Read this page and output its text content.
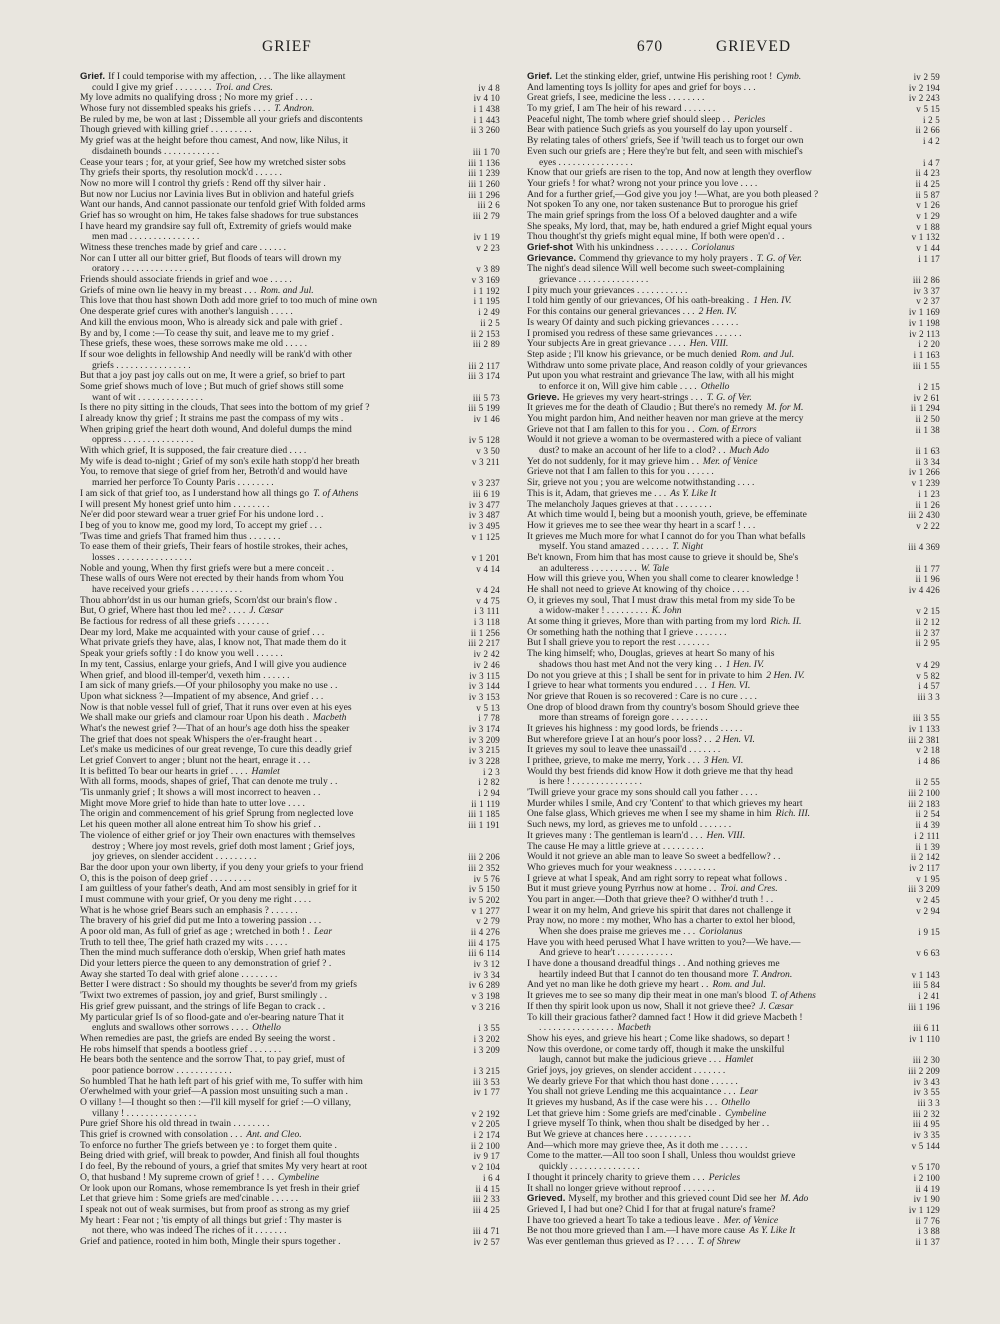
GRIEF	670	GRIEVED
Grief. If I could temporise with my affection, . . . The like allayment
could I give my grief . . . . . . . . Troi. and Cres.	iv 4 8
My love admits no qualifying dross ; No more my grief . . . .	iv 4 10
Whose fury not dissembled speaks his griefs . . . . T. Andron.	i 1 438
Be ruled by me, be won at last ; Dissemble all your griefs and discontents	i 1 443
Though grieved with killing grief . . . . . . . . .	ii 3 260
My grief was at the height before thou camest, And now, like Nilus, it
disdaineth bounds . . . . . . . . . . . .	iii 1 70
Cease your tears ; for, at your grief, See how my wretched sister sobs	iii 1 136
Thy griefs their sports, thy resolution mock'd . . . . . .	iii 1 239
Now no more will I control thy griefs : Rend off thy silver hair .	iii 1 260
But now nor Lucius nor Lavinia lives But in oblivion and hateful griefs	iii 1 296
Want our hands, And cannot passionate our tenfold grief With folded arms	iii 2 6
Grief has so wrought on him, He takes false shadows for true substances	iii 2 79
I have heard my grandsire say full oft, Extremity of griefs would make
men mad . . . . . . . . . . . . . . .	iv 1 19
Witness these trenches made by grief and care . . . . . .	v 2 23
Nor can I utter all our bitter grief, But floods of tears will drown my
oratory . . . . . . . . . . . . . . .	v 3 89
Friends should associate friends in grief and woe . . . . .	v 3 169
Griefs of mine own lie heavy in my breast . . . Rom. and Jul.	i 1 192
This love that thou hast shown Doth add more grief to too much of mine own	i 1 195
One desperate grief cures with another's languish . . . . .	i 2 49
And kill the envious moon, Who is already sick and pale with grief .	ii 2 5
By and by, I come :—To cease thy suit, and leave me to my grief .	ii 2 153
These griefs, these woes, these sorrows make me old . . . . .	iii 2 89
If sour woe delights in fellowship And needly will be rank'd with other
griefs . . . . . . . . . . . . . . . .	iii 2 117
But that a joy past joy calls out on me, It were a grief, so brief to part	iii 3 174
Some grief shows much of love ; But much of grief shows still some
want of wit . . . . . . . . . . . . . .	iii 5 73
Is there no pity sitting in the clouds, That sees into the bottom of my grief ?	iii 5 199
I already know thy grief ; It strains me past the compass of my wits .	iv 1 46
When griping grief the heart doth wound, And doleful dumps the mind
oppress . . . . . . . . . . . . . . .	iv 5 128
With which grief, It is supposed, the fair creature died . . . .	v 3 50
My wife is dead to-night ; Grief of my son's exile hath stopp'd her breath	v 3 211
You, to remove that siege of grief from her, Betroth'd and would have
married her perforce To County Paris . . . . . . . .	v 3 237
I am sick of that grief too, as I understand how all things go T. of Athens	iii 6 19
I will present My honest grief unto him . . . . . . . .	iv 3 477
Ne'er did poor steward wear a truer grief For his undone lord . .	iv 3 487
I beg of you to know me, good my lord, To accept my grief . . .	iv 3 495
'Twas time and griefs That framed him thus . . . . . . .	v 1 125
To ease them of their griefs, Their fears of hostile strokes, their aches,
losses . . . . . . . . . . . . . . . .	v 1 201
Noble and young, When thy first griefs were but a mere conceit . .	v 4 14
These walls of ours Were not erected by their hands from whom You
have received your griefs . . . . . . . . . . .	v 4 24
Thou abhorr'dst in us our human griefs, Scorn'dst our brain's flow .	v 4 75
But, O grief, Where hast thou led me? . . . . J. Cæsar	i 3 111
Be factious for redress of all these griefs . . . . . . .	i 3 118
Dear my lord, Make me acquainted with your cause of grief . . .	ii 1 256
What private griefs they have, alas, I know not, That made them do it	iii 2 217
Speak your griefs softly : I do know you well . . . . . .	iv 2 42
In my tent, Cassius, enlarge your griefs, And I will give you audience	iv 2 46
When grief, and blood ill-temper'd, vexeth him . . . . . .	iv 3 115
I am sick of many griefs.—Of your philosophy you make no use . .	iv 3 144
Upon what sickness ?—Impatient of my absence, And grief . . .	iv 3 153
Now is that noble vessel full of grief, That it runs over even at his eyes	v 5 13
We shall make our griefs and clamour roar Upon his death . Macbeth	i 7 78
What's the newest grief ?—That of an hour's age doth hiss the speaker	iv 3 174
The grief that does not speak Whispers the o'er-fraught heart . .	iv 3 209
Let's make us medicines of our great revenge, To cure this deadly grief	iv 3 215
Let grief Convert to anger ; blunt not the heart, enrage it . . .	iv 3 228
It is befitted To bear our hearts in grief . . . . Hamlet	i 2 3
With all forms, moods, shapes of grief, That can denote me truly . .	i 2 82
'Tis unmanly grief ; It shows a will most incorrect to heaven . .	i 2 94
Might move More grief to hide than hate to utter love . . . .	ii 1 119
The origin and commencement of his grief Sprung from neglected love	iii 1 185
Let his queen mother all alone entreat him To show his grief . .	iii 1 191
The violence of either grief or joy Their own enactures with themselves
destroy ; Where joy most revels, grief doth most lament ; Grief joys,
joy grieves, on slender accident . . . . . . . . .	iii 2 206
Bar the door upon your own liberty, if you deny your griefs to your friend	iii 2 352
O, this is the poison of deep grief . . . . . . . . .	iv 5 76
I am guiltless of your father's death, And am most sensibly in grief for it	iv 5 150
I must commune with your grief, Or you deny me right . . . .	iv 5 202
What is he whose grief Bears such an emphasis ? . . . . . .	v 1 277
The bravery of his grief did put me Into a towering passion . . .	v 2 79
A poor old man, As full of grief as age ; wretched in both ! . Lear	ii 4 276
Truth to tell thee, The grief hath crazed my wits . . . . .	iii 4 175
Then the mind much sufferance doth o'erskip, When grief hath mates	iii 6 114
Did your letters pierce the queen to any demonstration of grief ? .	iv 3 12
Away she started To deal with grief alone . . . . . . . .	iv 3 34
Better I were distract : So should my thoughts be sever'd from my griefs	iv 6 289
'Twixt two extremes of passion, joy and grief, Burst smilingly . .	v 3 198
His grief grew puissant, and the strings of life Began to crack . .	v 3 216
My particular grief Is of so flood-gate and o'er-bearing nature That it
engluts and swallows other sorrows . . . . Othello	i 3 55
When remedies are past, the griefs are ended By seeing the worst .	i 3 202
He robs himself that spends a bootless grief . . . . . . .	i 3 209
He bears both the sentence and the sorrow That, to pay grief, must of
poor patience borrow . . . . . . . . . . . .	i 3 215
So humbled That he hath left part of his grief with me, To suffer with him	iii 3 53
O'erwhelmed with your grief—A passion most unsuiting such a man .	iv 1 77
O villany !—I thought so then :—I'll kill myself for grief :—O villany,
villany ! . . . . . . . . . . . . . . .	v 2 192
Pure grief Shore his old thread in twain . . . . . . . .	v 2 205
This grief is crowned with consolation . . . Ant. and Cleo.	i 2 174
To enforce no further The griefs between ye : to forget them quite .	ii 2 100
Being dried with grief, will break to powder, And finish all foul thoughts	iv 9 17
I do feel, By the rebound of yours, a grief that smites My very heart at root	v 2 104
O, that husband ! My supreme crown of grief ! . . . Cymbeline	i 6 4
Or look upon our Romans, whose remembrance Is yet fresh in their grief	ii 4 15
Let that grieve him : Some griefs are med'cinable . . . . . .	iii 2 33
I speak not out of weak surmises, but from proof as strong as my grief	iii 4 25
My heart : Fear not ; 'tis empty of all things but grief : Thy master is
not there, who was indeed The riches of it . . . . . . .	iii 4 71
Grief and patience, rooted in him both, Mingle their spurs together .	iv 2 57
Grief. Let the stinking elder, grief, untwine His perishing root ! Cymb.	iv 2 59
And lamenting toys Is jollity for apes and grief for boys . . .	iv 2 194
Great griefs, I see, medicine the less . . . . . . . .	iv 2 243
To my grief, I am The heir of his reward . . . . . . .	v 5 15
Peaceful night, The tomb where grief should sleep . . Pericles	i 2 5
Bear with patience Such griefs as you yourself do lay upon yourself .	ii 2 66
By relating tales of others' griefs, See if 'twill teach us to forget our own	i 4 2
Even such our griefs are ; Here they're but felt, and seen with mischief's
eyes . . . . . . . . . . . . . . . .	i 4 7
Know that our griefs are risen to the top, And now at length they overflow	ii 4 23
Your griefs ! for what? wrong not your prince you love . . . .	ii 4 25
And for a further grief,—God give you joy !—What, are you both pleased ?	ii 5 87
Not spoken To any one, nor taken sustenance But to prorogue his grief	v 1 26
The main grief springs from the loss Of a beloved daughter and a wife	v 1 29
She speaks, My lord, that, may be, hath endured a grief Might equal yours	v 1 88
Thou thought'st thy griefs might equal mine, If both were open'd . .	v 1 132
Grief-shot With his unkindness . . . . . . . Coriolanus	v 1 44
Grievance. Commend thy grievance to my holy prayers . T. G. of Ver.	i 1 17
The night's dead silence Will well become such sweet-complaining
grievance . . . . . . . . . . . . . . .	iii 2 86
I pity much your grievances . . . . . . . . . . .	iv 3 37
I told him gently of our grievances, Of his oath-breaking . 1 Hen. IV.	v 2 37
For this contains our general grievances . . . 2 Hen. IV.	iv 1 169
Is weary Of dainty and such picking grievances . . . . . .	iv 1 198
I promised you redress of these same grievances . . . . . .	iv 2 113
Your subjects Are in great grievance . . . . Hen. VIII.	i 2 20
Step aside ; I'll know his grievance, or be much denied Rom. and Jul.	i 1 163
Withdraw unto some private place, And reason coldly of your grievances	iii 1 55
Put upon you what restraint and grievance The law, with all his might
to enforce it on, Will give him cable . . . . Othello	i 2 15
Grieve. He grieves my very heart-strings . . . T. G. of Ver.	iv 2 61
It grieves me for the death of Claudio ; But there's no remedy M. for M.	ii 1 294
You might pardon him, And neither heaven nor man grieve at the mercy	ii 2 50
Grieve not that I am fallen to this for you . . Com. of Errors	ii 1 38
Would it not grieve a woman to be overmastered with a piece of valiant
dust? to make an account of her life to a clod? . . Much Ado	ii 1 63
Yet do not suddenly, for it may grieve him . . Mer. of Venice	ii 3 34
Grieve not that I am fallen to this for you . . . . . .	iv 1 266
Sir, grieve not you ; you are welcome notwithstanding . . . .	v 1 239
This is it, Adam, that grieves me . . . As Y. Like It	i 1 23
The melancholy Jaques grieves at that . . . . . . . .	ii 1 26
At which time would I, being but a moonish youth, grieve, be effeminate	iii 2 430
How it grieves me to see thee wear thy heart in a scarf ! . . .	v 2 22
It grieves me Much more for what I cannot do for you Than what befalls
myself. You stand amazed . . . . . . T. Night	iii 4 369
Be't known, From him that has most cause to grieve it should be, She's
an adulteress . . . . . . . . . . W. Tale	ii 1 77
How will this grieve you, When you shall come to clearer knowledge !	ii 1 96
He shall not need to grieve At knowing of thy choice . . . .	iv 4 426
O, it grieves my soul, That I must draw this metal from my side To be
a widow-maker ! . . . . . . . . . K. John	v 2 15
At some thing it grieves, More than with parting from my lord Rich. II.	ii 2 12
Or something hath the nothing that I grieve . . . . . . .	ii 2 37
But I shall grieve you to report the rest . . . . . . .	ii 2 95
The king himself; who, Douglas, grieves at heart So many of his
shadows thou hast met And not the very king . . 1 Hen. IV.	v 4 29
Do not you grieve at this ; I shall be sent for in private to him 2 Hen. IV.	v 5 82
I grieve to hear what torments you endured . . . 1 Hen. VI.	i 4 57
Nor grieve that Rouen is so recovered : Care is no cure . . . .	iii 3 3
One drop of blood drawn from thy country's bosom Should grieve thee
more than streams of foreign gore . . . . . . . .	iii 3 55
It grieves his highness : my good lords, be friends . . . . .	iv 1 133
But wherefore grieve I at an hour's poor loss? . . 2 Hen. VI.	iii 2 381
It grieves my soul to leave thee unassail'd . . . . . . .	v 2 18
I prithee, grieve, to make me merry, York . . . 3 Hen. VI.	i 4 86
Would thy best friends did know How it doth grieve me that thy head
is here ! . . . . . . . . . . . . . . .	ii 2 55
'Twill grieve your grace my sons should call you father . . . .	iii 2 100
Murder whiles I smile, And cry 'Content' to that which grieves my heart	iii 2 183
One false glass, Which grieves me when I see my shame in him Rich. III.	ii 2 54
Such news, my lord, as grieves me to unfold . . . . . . .	ii 4 39
It grieves many : The gentleman is learn'd . . . Hen. VIII.	i 2 111
The cause He may a little grieve at . . . . . . . . .	ii 1 39
Would it not grieve an able man to leave So sweet a bedfellow? . .	ii 2 142
Who grieves much for your weakness . . . . . . . . .	iv 2 117
I grieve at what I speak, And am right sorry to repeat what follows .	v 1 95
But it must grieve young Pyrrhus now at home . . Troi. and Cres.	iii 3 209
You part in anger.—Doth that grieve thee? O withher'd truth ! . .	v 2 45
I wear it on my helm, And grieve his spirit that dares not challenge it	v 2 94
Pray now, no more : my mother, Who has a charter to extol her blood,
When she does praise me grieves me . . . Coriolanus	i 9 15
Have you with heed perused What I have written to you?—We have.—
And grieve to hear't . . . . . . . . . . . .	v 6 63
I have done a thousand dreadful things . . And nothing grieves me
heartily indeed But that I cannot do ten thousand more T. Andron.	v 1 143
And yet no man like he doth grieve my heart . . Rom. and Jul.	iii 5 84
It grieves me to see so many dip their meat in one man's blood T. of Athens	i 2 41
If then thy spirit look upon us now, Shall it not grieve thee? J. Cæsar	iii 1 196
To kill their gracious father? damned fact ! How it did grieve Macbeth !
. . . . . . . . . . . . . . . . Macbeth	iii 6 11
Show his eyes, and grieve his heart ; Come like shadows, so depart !	iv 1 110
Now this overdone, or come tardy off, though it make the unskilful
laugh, cannot but make the judicious grieve . . . Hamlet	iii 2 30
Grief joys, joy grieves, on slender accident . . . . . . .	iii 2 209
We dearly grieve For that which thou hast done . . . . . .	iv 3 43
You shall not grieve Lending me this acquaintance . . . Lear	iv 3 55
It grieves my husband, As if the case were his . . . Othello	iii 3 3
Let that grieve him : Some griefs are med'cinable . Cymbeline	iii 2 32
I grieve myself To think, when thou shalt be disedged by her . .	iii 4 95
But We grieve at chances here . . . . . . . . . .	iv 3 35
And—which more may grieve thee, As it doth me . . . . . .	v 5 144
Come to the matter.—All too soon I shall, Unless thou wouldst grieve
quickly . . . . . . . . . . . . . . .	v 5 170
I thought it princely charity to grieve them . . . Pericles	i 2 100
It shall no longer grieve without reproof . . . . . . .	ii 4 19
Grieved. Myself, my brother and this grieved count Did see her M. Ado	iv 1 90
Grieved I, I had but one? Chid I for that at frugal nature's frame?	iv 1 129
I have too grieved a heart To take a tedious leave . Mer. of Venice	ii 7 76
Be not thou more grieved than I am.—I have more cause As Y. Like It	i 3 88
Was ever gentleman thus grieved as I? . . . . T. of Shrew	ii 1 37
